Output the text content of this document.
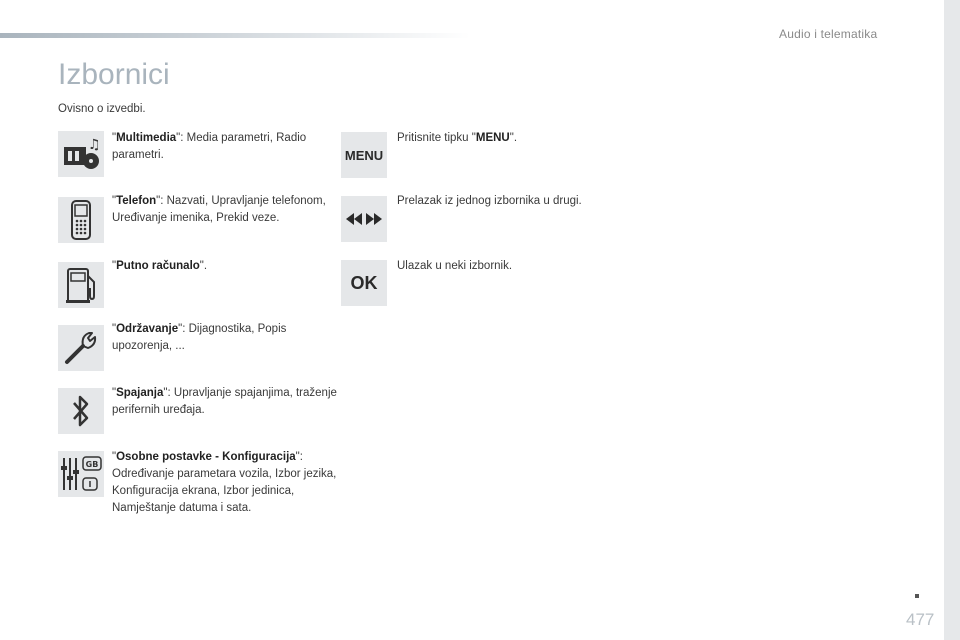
Audio i telematika
Izbornici
Ovisno o izvedbi.
♫ "Multimedia": Media parametri, Radio parametri.
"Telefon": Nazvati, Upravljanje telefonom, Uređivanje imenika, Prekid veze.
"Putno računalo".
"Održavanje": Dijagnostika, Popis upozorenja, ...
"Spajanja": Upravljanje spajanjima, traženje perifernih uređaja.
GB
I
"Osobne postavke - Konfiguracija": Određivanje parametara vozila, Izbor jezika, Konfiguracija ekrana, Izbor jedinica, Namještanje datuma i sata.
MENU
Pritisnite tipku "MENU".
Prelazak iz jednog izbornika u drugi.
OK
Ulazak u neki izbornik.
477
